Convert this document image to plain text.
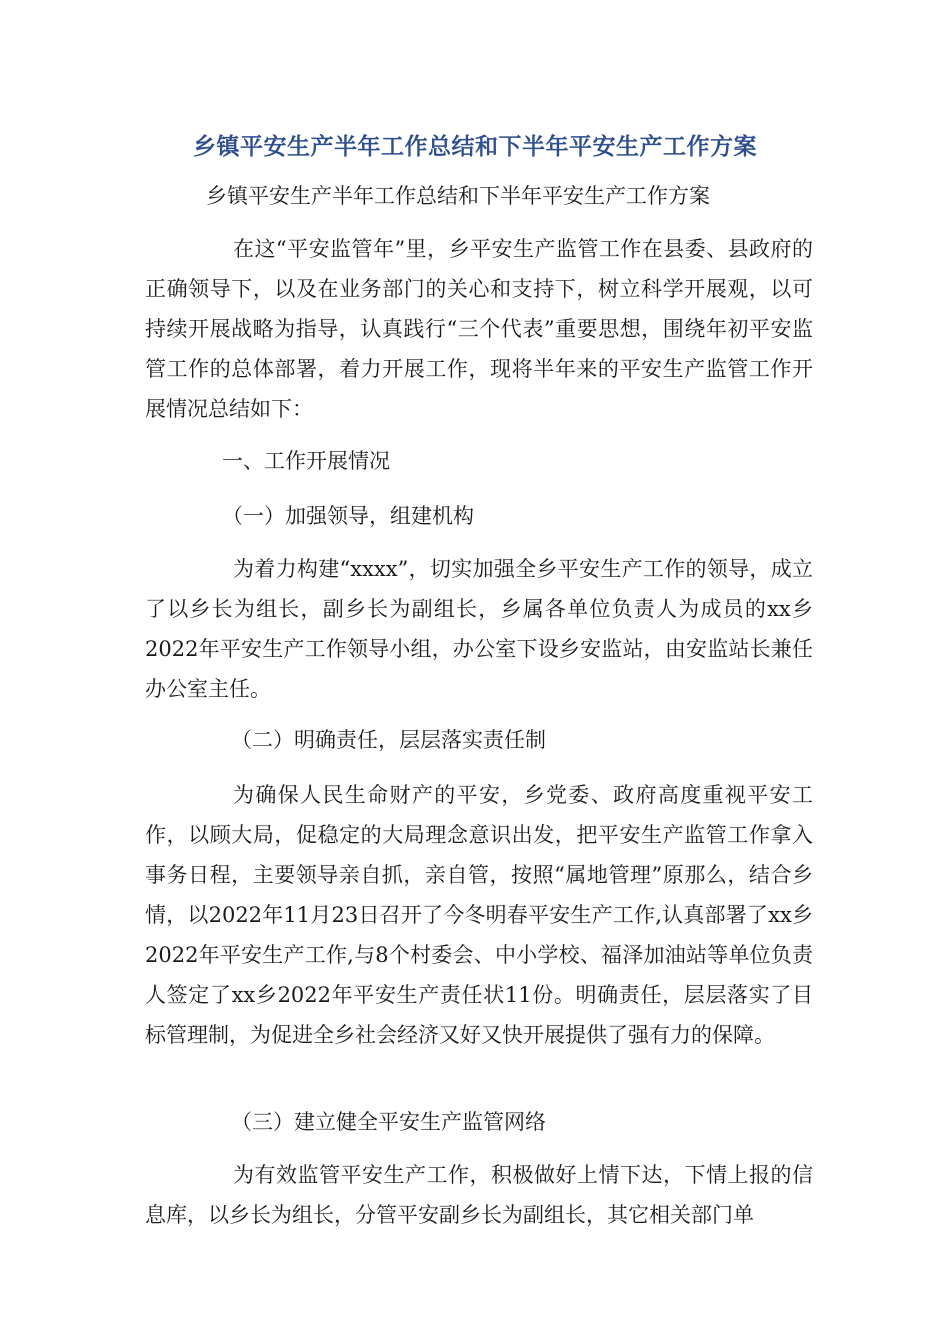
乡镇平安生产半年工作总结和下半年平安生产工作方案

乡镇平安生产半年工作总结和下半年平安生产工作方案

在这“平安监管年”里，乡平安生产监管工作在县委、县政府的正确领导下，以及在业务部门的关心和支持下，树立科学开展观，以可持续开展战略为指导，认真践行“三个代表”重要思想，围绕年初平安监管工作的总体部署，着力开展工作，现将半年来的平安生产监管工作开展情况总结如下：

一、工作开展情况

（一）加强领导，组建机构

为着力构建“xxxx”，切实加强全乡平安生产工作的领导，成立了以乡长为组长，副乡长为副组长，乡属各单位负责人为成员的xx乡2022年平安生产工作领导小组，办公室下设乡安监站，由安监站长兼任办公室主任。

（二）明确责任，层层落实责任制

为确保人民生命财产的平安，乡党委、政府高度重视平安工作，以顾大局，促稳定的大局理念意识出发，把平安生产监管工作拿入事务日程，主要领导亲自抓，亲自管，按照“属地管理”原那么，结合乡情，以2022年11月23日召开了今冬明春平安生产工作,认真部署了xx乡2022年平安生产工作,与8个村委会、中小学校、福泽加油站等单位负责人签定了xx乡2022年平安生产责任状11份。明确责任，层层落实了目标管理制，为促进全乡社会经济又好又快开展提供了强有力的保障。

（三）建立健全平安生产监管网络

为有效监管平安生产工作，积极做好上情下达，下情上报的信息库，以乡长为组长，分管平安副乡长为副组长，其它相关部门单
